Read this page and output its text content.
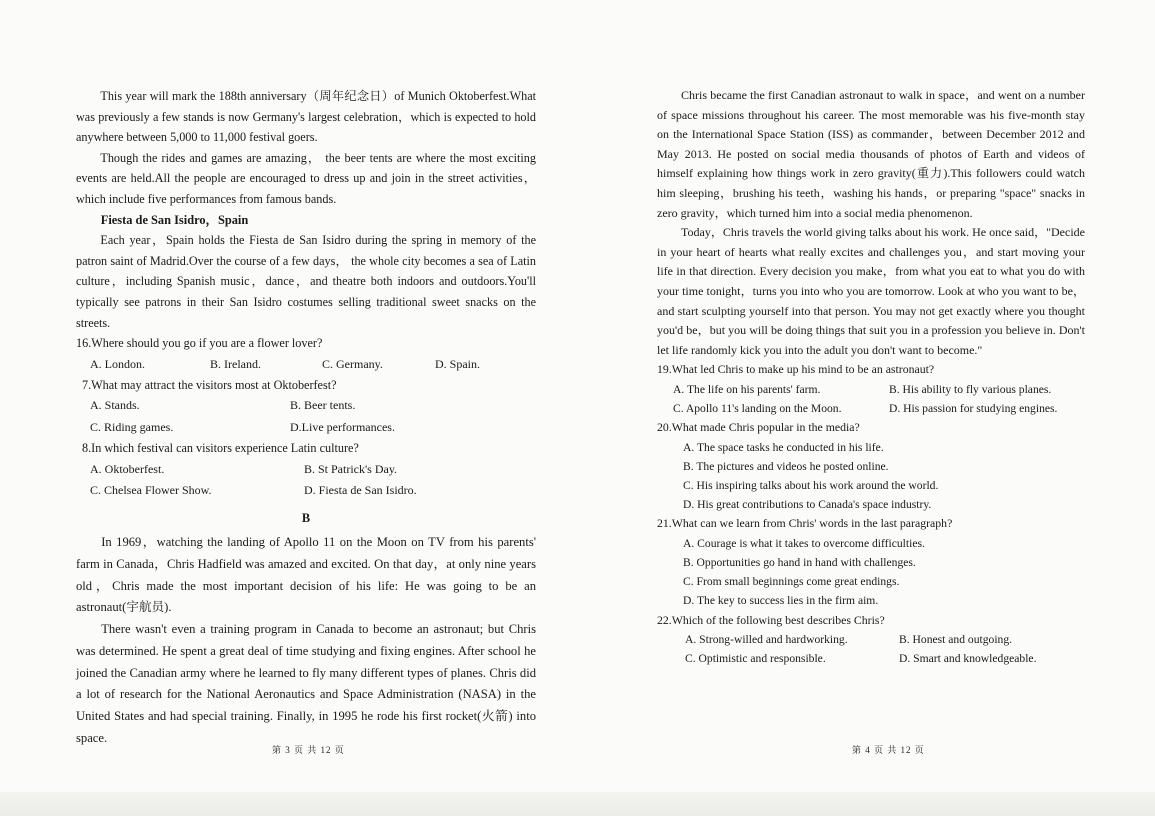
This year will mark the 188th anniversary（周年纪念日）of Munich Oktoberfest.What was previously a few stands is now Germany's largest celebration，which is expected to hold anywhere between 5,000 to 11,000 festival goers.

Though the rides and games are amazing， the beer tents are where the most exciting events are held.All the people are encouraged to dress up and join in the street activities， which include five performances from famous bands.

Fiesta de San Isidro，Spain

Each year，Spain holds the Fiesta de San Isidro during the spring in memory of the patron saint of Madrid.Over the course of a few days， the whole city becomes a sea of Latin culture，including Spanish music，dance，and theatre both indoors and outdoors.You'll typically see patrons in their San Isidro costumes selling traditional sweet snacks on the streets.

16.Where should you go if you are a flower lover?

A. London.	B. Ireland.	C. Germany.	D. Spain.

7.What may attract the visitors most at Oktoberfest?

A. Stands.	B. Beer tents.
C. Riding games.	D.Live performances.

8.In which festival can visitors experience Latin culture?

A. Oktoberfest.	B. St Patrick's Day.
C. Chelsea Flower Show.	D. Fiesta de San Isidro.

B

In 1969，watching the landing of Apollo 11 on the Moon on TV from his parents' farm in Canada，Chris Hadfield was amazed and excited. On that day，at only nine years old，Chris made the most important decision of his life: He was going to be an astronaut(宇航员).

There wasn't even a training program in Canada to become an astronaut; but Chris was determined. He spent a great deal of time studying and fixing engines. After school he joined the Canadian army where he learned to fly many different types of planes. Chris did a lot of research for the National Aeronautics and Space Administration (NASA) in the United States and had special training. Finally, in 1995 he rode his first rocket(火箭) into space.

第 3 页 共 12 页

Chris became the first Canadian astronaut to walk in space，and went on a number of space missions throughout his career. The most memorable was his five-month stay on the International Space Station (ISS) as commander，between December 2012 and May 2013. He posted on social media thousands of photos of Earth and videos of himself explaining how things work in zero gravity(重力).This followers could watch him sleeping，brushing his teeth，washing his hands，or preparing "space" snacks in zero gravity，which turned him into a social media phenomenon.

Today，Chris travels the world giving talks about his work. He once said，"Decide in your heart of hearts what really excites and challenges you，and start moving your life in that direction. Every decision you make，from what you eat to what you do with your time tonight，turns you into who you are tomorrow. Look at who you want to be，and start sculpting yourself into that person. You may not get exactly where you thought you'd be，but you will be doing things that suit you in a profession you believe in. Don't let life randomly kick you into the adult you don't want to become."

19.What led Chris to make up his mind to be an astronaut?

A. The life on his parents' farm.	B. His ability to fly various planes.
C. Apollo 11's landing on the Moon.	D. His passion for studying engines.

20.What made Chris popular in the media?

A. The space tasks he conducted in his life.

B. The pictures and videos he posted online.

C. His inspiring talks about his work around the world.

D. His great contributions to Canada's space industry.

21.What can we learn from Chris' words in the last paragraph?

A. Courage is what it takes to overcome difficulties.

B. Opportunities go hand in hand with challenges.

C. From small beginnings come great endings.

D. The key to success lies in the firm aim.

22.Which of the following best describes Chris?

A. Strong-willed and hardworking.	B. Honest and outgoing.
C. Optimistic and responsible.	D. Smart and knowledgeable.
第 4 页 共 12 页
